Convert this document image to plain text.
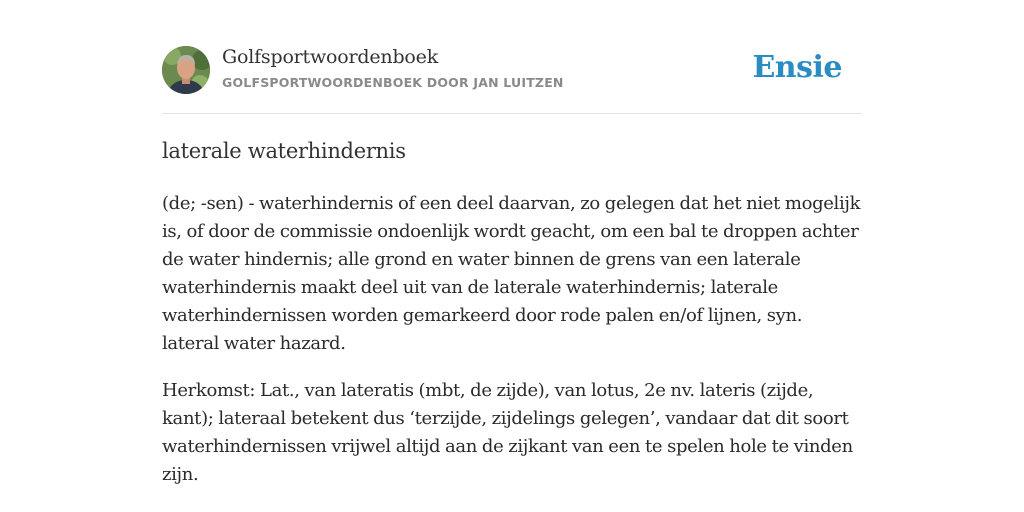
Golfsportwoordenboek
GOLFSPORTWOORDENBOEK DOOR JAN LUITZEN	Ensie
laterale waterhindernis
(de; -sen) - waterhindernis of een deel daarvan, zo gelegen dat het niet mogelijk is, of door de commissie ondoenlijk wordt geacht, om een bal te droppen achter de water hindernis; alle grond en water binnen de grens van een laterale waterhindernis maakt deel uit van de laterale waterhindernis; laterale waterhindernissen worden gemarkeerd door rode palen en/of lijnen, syn. lateral water hazard.
Herkomst: Lat., van lateratis (mbt, de zijde), van lotus, 2e nv. lateris (zijde, kant); lateraal betekent dus ‘terzijde, zijdelings gelegen’, vandaar dat dit soort waterhindernissen vrijwel altijd aan de zijkant van een te spelen hole te vinden zijn.
